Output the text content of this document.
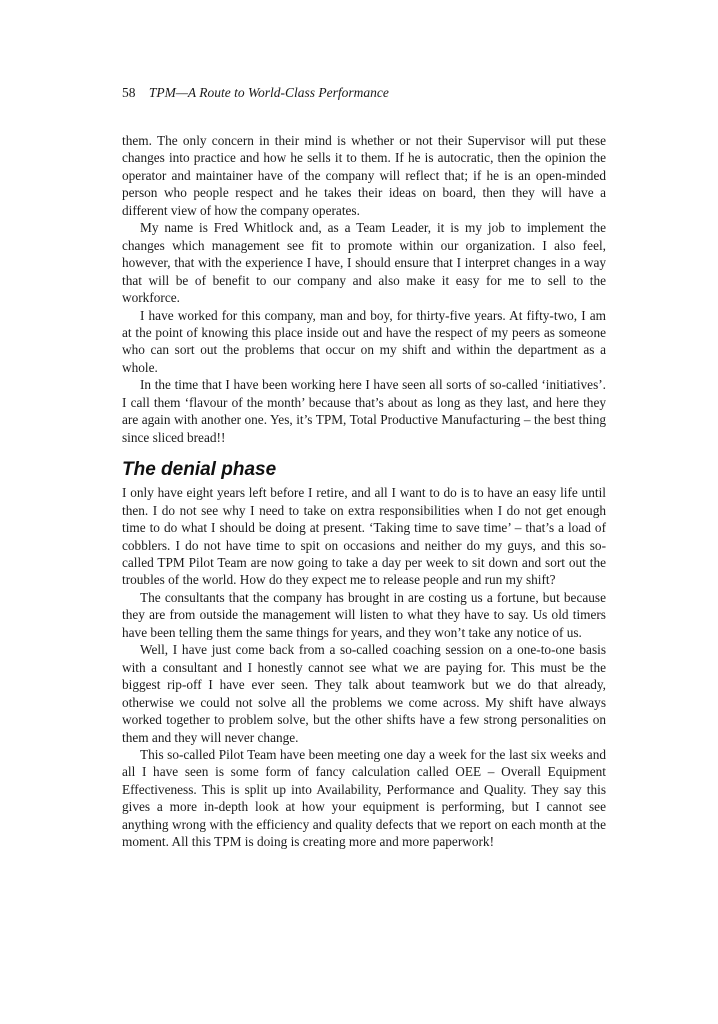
58 TPM—A Route to World-Class Performance

them. The only concern in their mind is whether or not their Supervisor will put these changes into practice and how he sells it to them. If he is autocratic, then the opinion the operator and maintainer have of the company will reflect that; if he is an open-minded person who people respect and he takes their ideas on board, then they will have a different view of how the company operates.

My name is Fred Whitlock and, as a Team Leader, it is my job to implement the changes which management see fit to promote within our organization. I also feel, however, that with the experience I have, I should ensure that I interpret changes in a way that will be of benefit to our company and also make it easy for me to sell to the workforce.

I have worked for this company, man and boy, for thirty-five years. At fifty-two, I am at the point of knowing this place inside out and have the respect of my peers as someone who can sort out the problems that occur on my shift and within the department as a whole.

In the time that I have been working here I have seen all sorts of so-called ‘initiatives’. I call them ‘flavour of the month’ because that’s about as long as they last, and here they are again with another one. Yes, it’s TPM, Total Productive Manufacturing – the best thing since sliced bread!!

The denial phase

I only have eight years left before I retire, and all I want to do is to have an easy life until then. I do not see why I need to take on extra responsibilities when I do not get enough time to do what I should be doing at present. ‘Taking time to save time’ – that’s a load of cobblers. I do not have time to spit on occasions and neither do my guys, and this so-called TPM Pilot Team are now going to take a day per week to sit down and sort out the troubles of the world. How do they expect me to release people and run my shift?

The consultants that the company has brought in are costing us a fortune, but because they are from outside the management will listen to what they have to say. Us old timers have been telling them the same things for years, and they won’t take any notice of us.

Well, I have just come back from a so-called coaching session on a one-to-one basis with a consultant and I honestly cannot see what we are paying for. This must be the biggest rip-off I have ever seen. They talk about teamwork but we do that already, otherwise we could not solve all the problems we come across. My shift have always worked together to problem solve, but the other shifts have a few strong personalities on them and they will never change.

This so-called Pilot Team have been meeting one day a week for the last six weeks and all I have seen is some form of fancy calculation called OEE – Overall Equipment Effectiveness. This is split up into Availability, Performance and Quality. They say this gives a more in-depth look at how your equipment is performing, but I cannot see anything wrong with the efficiency and quality defects that we report on each month at the moment. All this TPM is doing is creating more and more paperwork!
